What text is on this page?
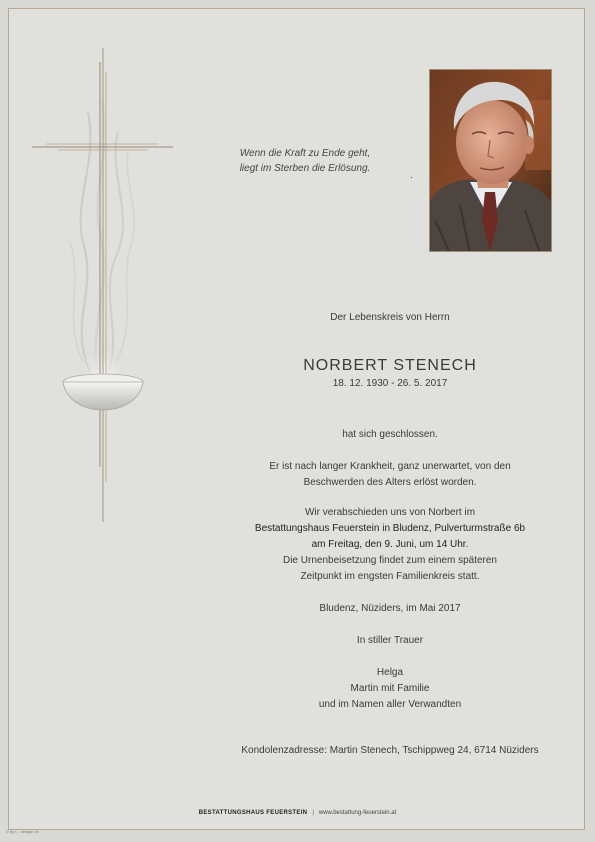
Wenn die Kraft zu Ende geht,
liegt im Sterben die Erlösung.
.
Der Lebenskreis von Herrn
NORBERT STENECH
18. 12. 1930 - 26. 5. 2017
hat sich geschlossen.
Er ist nach langer Krankheit, ganz unerwartet, von den
Beschwerden des Alters erlöst worden.
Wir verabschieden uns von Norbert im
Bestattungshaus Feuerstein in Bludenz, Pulverturmstraße 6b
am Freitag, den 9. Juni, um 14 Uhr.
Die Urnenbeisetzung findet zum einem späteren
Zeitpunkt im engsten Familienkreis statt.
Bludenz, Nüziders, im Mai 2017
In stiller Trauer
Helga
Martin mit Familie
und im Namen aller Verwandten
Kondolenzadresse: Martin Stenech, Tschippweg 24, 6714 Nüziders
BESTATTUNGSHAUS FEUERSTEIN | www.bestattung-feuerstein.at
© by t. - design 19
